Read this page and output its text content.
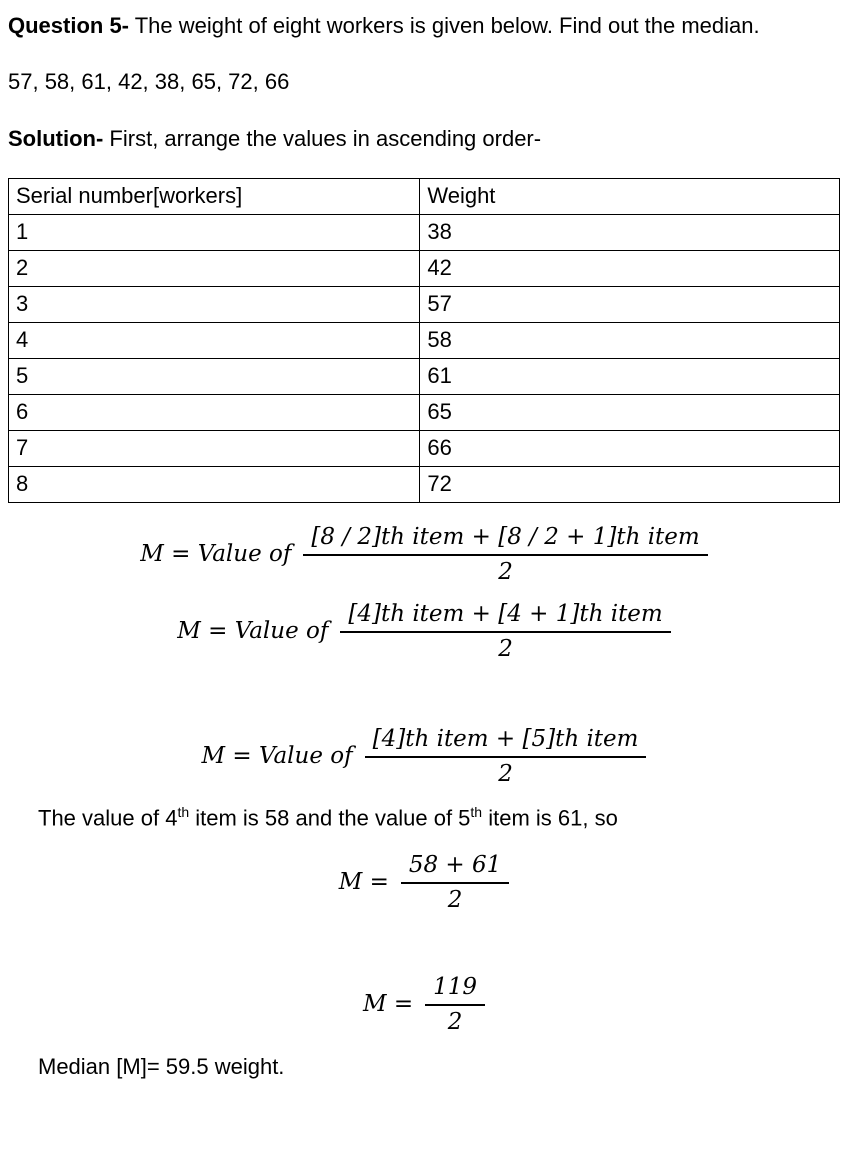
Question 5- The weight of eight workers is given below. Find out the median.
57, 58, 61, 42, 38, 65, 72, 66
Solution- First, arrange the values in ascending order-
Serial number[workers]	Weight
1	38
2	42
3	57
4	58
5	61
6	65
7	66
8	72
M = Value of $\frac{\text{[8 / 2]th item + [8 / 2 + 1]th item}}{2}$
M = Value of $\frac{\text{[4]th item + [4 + 1]th item}}{2}$
M = Value of $\frac{\text{[4]th item + [5]th item}}{2}$
The value of 4th item is 58 and the value of 5th item is 61, so
$M = \frac{58 + 61}{2}$
$M = \frac{119}{2}$
Median [M]= 59.5 weight.
